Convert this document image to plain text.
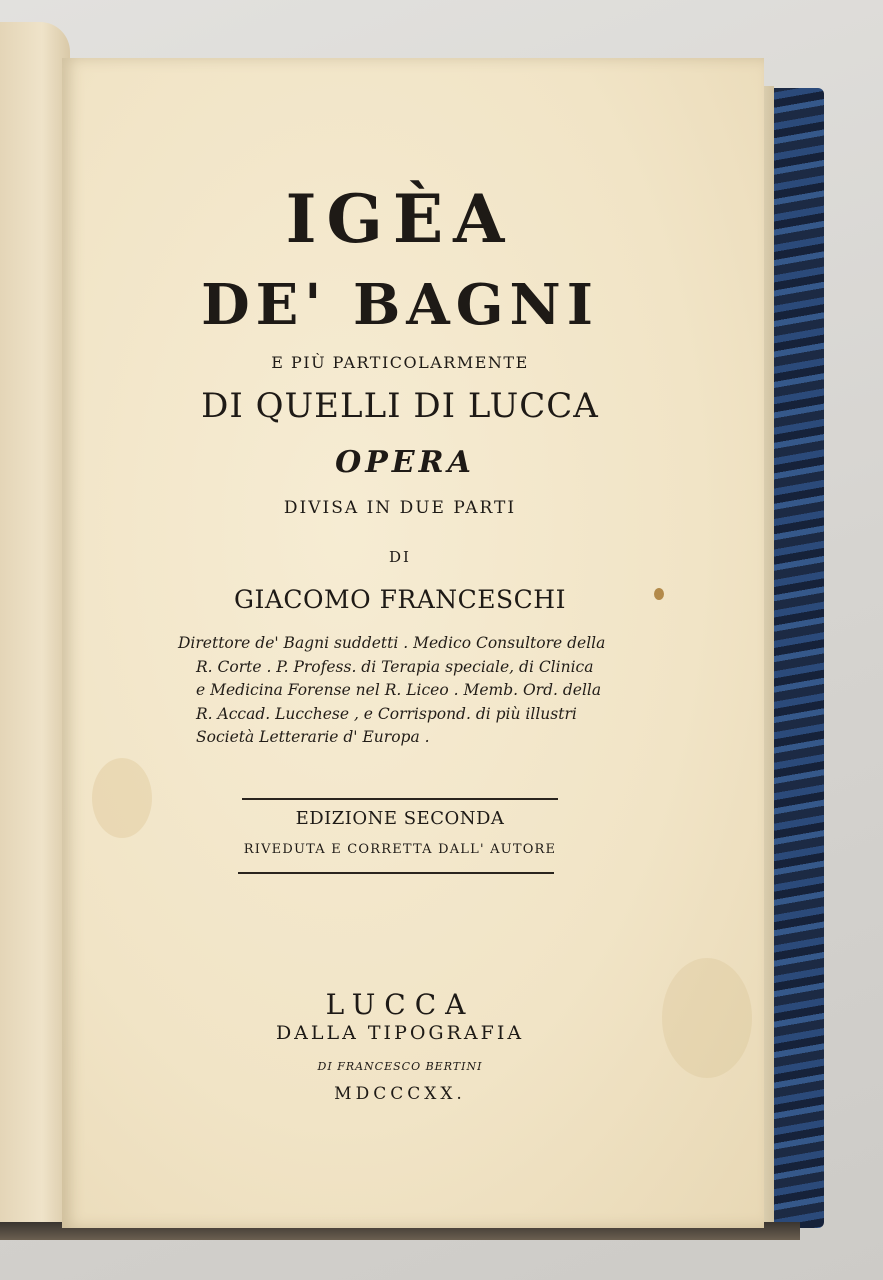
IGÈA
DE' BAGNI
E PIÙ PARTICOLARMENTE
DI QUELLI DI LUCCA
OPERA
DIVISA IN DUE PARTI
DI
GIACOMO FRANCESCHI
Direttore de' Bagni suddetti . Medico Consultore della
R. Corte . P. Profess. di Terapia speciale, di Clinica
e Medicina Forense nel R. Liceo . Memb. Ord. della
R. Accad. Lucchese , e Corrispond. di più illustri
Società Letterarie d' Europa .
EDIZIONE SECONDA
RIVEDUTA E CORRETTA DALL' AUTORE
LUCCA
DALLA TIPOGRAFIA
DI FRANCESCO BERTINI
MDCCCXX.
